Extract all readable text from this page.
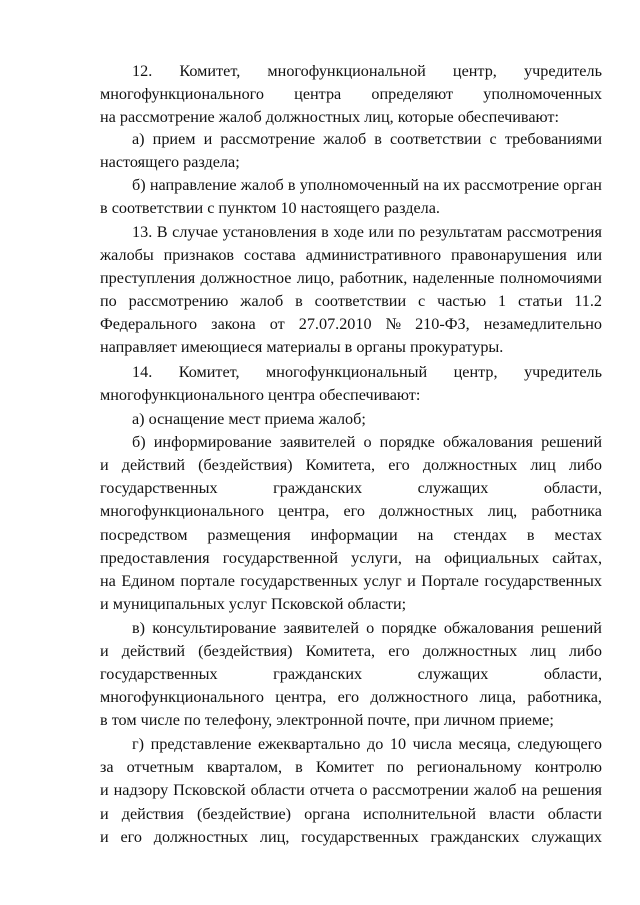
12. Комитет, многофункциональной центр, учредитель
многофункционального центра определяют уполномоченных
на рассмотрение жалоб должностных лиц, которые обеспечивают:
а) прием и рассмотрение жалоб в соответствии с требованиями
настоящего раздела;
б) направление жалоб в уполномоченный на их рассмотрение орган
в соответствии с пунктом 10 настоящего раздела.
13. В случае установления в ходе или по результатам рассмотрения
жалобы признаков состава административного правонарушения или
преступления должностное лицо, работник, наделенные полномочиями
по рассмотрению жалоб в соответствии с частью 1 статьи 11.2
Федерального закона от 27.07.2010 № 210-ФЗ, незамедлительно
направляет имеющиеся материалы в органы прокуратуры.
14. Комитет, многофункциональный центр, учредитель
многофункционального центра обеспечивают:
а) оснащение мест приема жалоб;
б) информирование заявителей о порядке обжалования решений
и действий (бездействия) Комитета, его должностных лиц либо
государственных	гражданских	служащих	области,
многофункционального центра, его должностных лиц, работника
посредством размещения информации на стендах в местах
предоставления государственной услуги, на официальных сайтах,
на Едином портале государственных услуг и Портале государственных
и муниципальных услуг Псковской области;
в) консультирование заявителей о порядке обжалования решений
и действий (бездействия) Комитета, его должностных лиц либо
государственных	гражданских	служащих	области,
многофункционального центра, его должностного лица, работника,
в том числе по телефону, электронной почте, при личном приеме;
г) представление ежеквартально до 10 числа месяца, следующего
за отчетным кварталом, в Комитет по региональному контролю
и надзору Псковской области отчета о рассмотрении жалоб на решения
и действия (бездействие) органа исполнительной власти области
и его должностных лиц, государственных гражданских служащих
